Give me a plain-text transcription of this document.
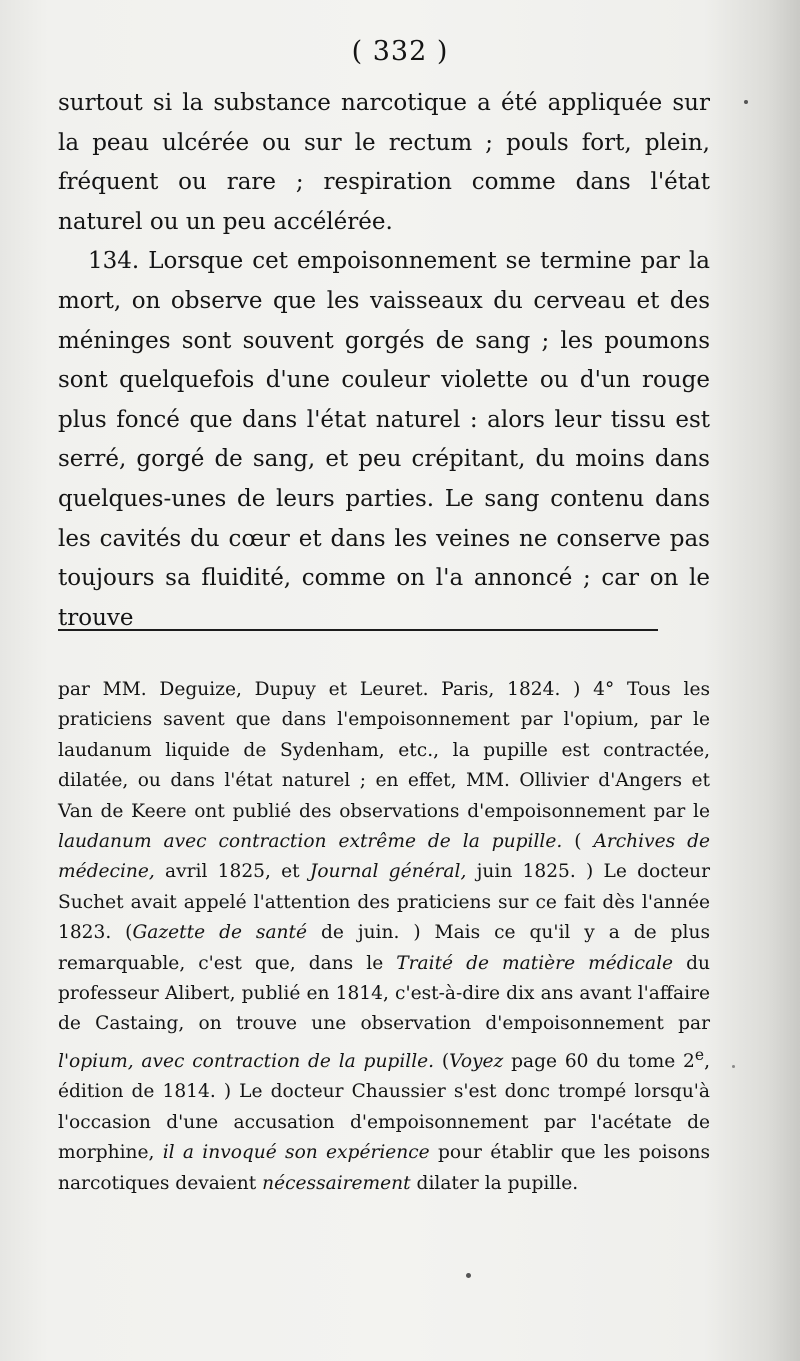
( 332 )

surtout si la substance narcotique a été appliquée sur la peau ulcérée ou sur le rectum ; pouls fort, plein, fréquent ou rare ; respiration comme dans l'état naturel ou un peu accélérée.

134. Lorsque cet empoisonnement se termine par la mort, on observe que les vaisseaux du cerveau et des méninges sont souvent gorgés de sang ; les poumons sont quelquefois d'une couleur violette ou d'un rouge plus foncé que dans l'état naturel : alors leur tissu est serré, gorgé de sang, et peu crépitant, du moins dans quelques-unes de leurs parties. Le sang contenu dans les cavités du cœur et dans les veines ne conserve pas toujours sa fluidité, comme on l'a annoncé ; car on le trouve

par MM. Deguize, Dupuy et Leuret. Paris, 1824. ) 4° Tous les praticiens savent que dans l'empoisonnement par l'opium, par le laudanum liquide de Sydenham, etc., la pupille est contractée, dilatée, ou dans l'état naturel ; en effet, MM. Ollivier d'Angers et Van de Keere ont publié des observations d'empoisonnement par le laudanum avec contraction extrême de la pupille. ( Archives de médecine, avril 1825, et Journal général, juin 1825. ) Le docteur Suchet avait appelé l'attention des praticiens sur ce fait dès l'année 1823. (Gazette de santé de juin. ) Mais ce qu'il y a de plus remarquable, c'est que, dans le Traité de matière médicale du professeur Alibert, publié en 1814, c'est-à-dire dix ans avant l'affaire de Castaing, on trouve une observation d'empoisonnement par l'opium, avec contraction de la pupille. (Voyez page 60 du tome 2e, édition de 1814. ) Le docteur Chaussier s'est donc trompé lorsqu'à l'occasion d'une accusation d'empoisonnement par l'acétate de morphine, il a invoqué son expérience pour établir que les poisons narcotiques devaient nécessairement dilater la pupille.
